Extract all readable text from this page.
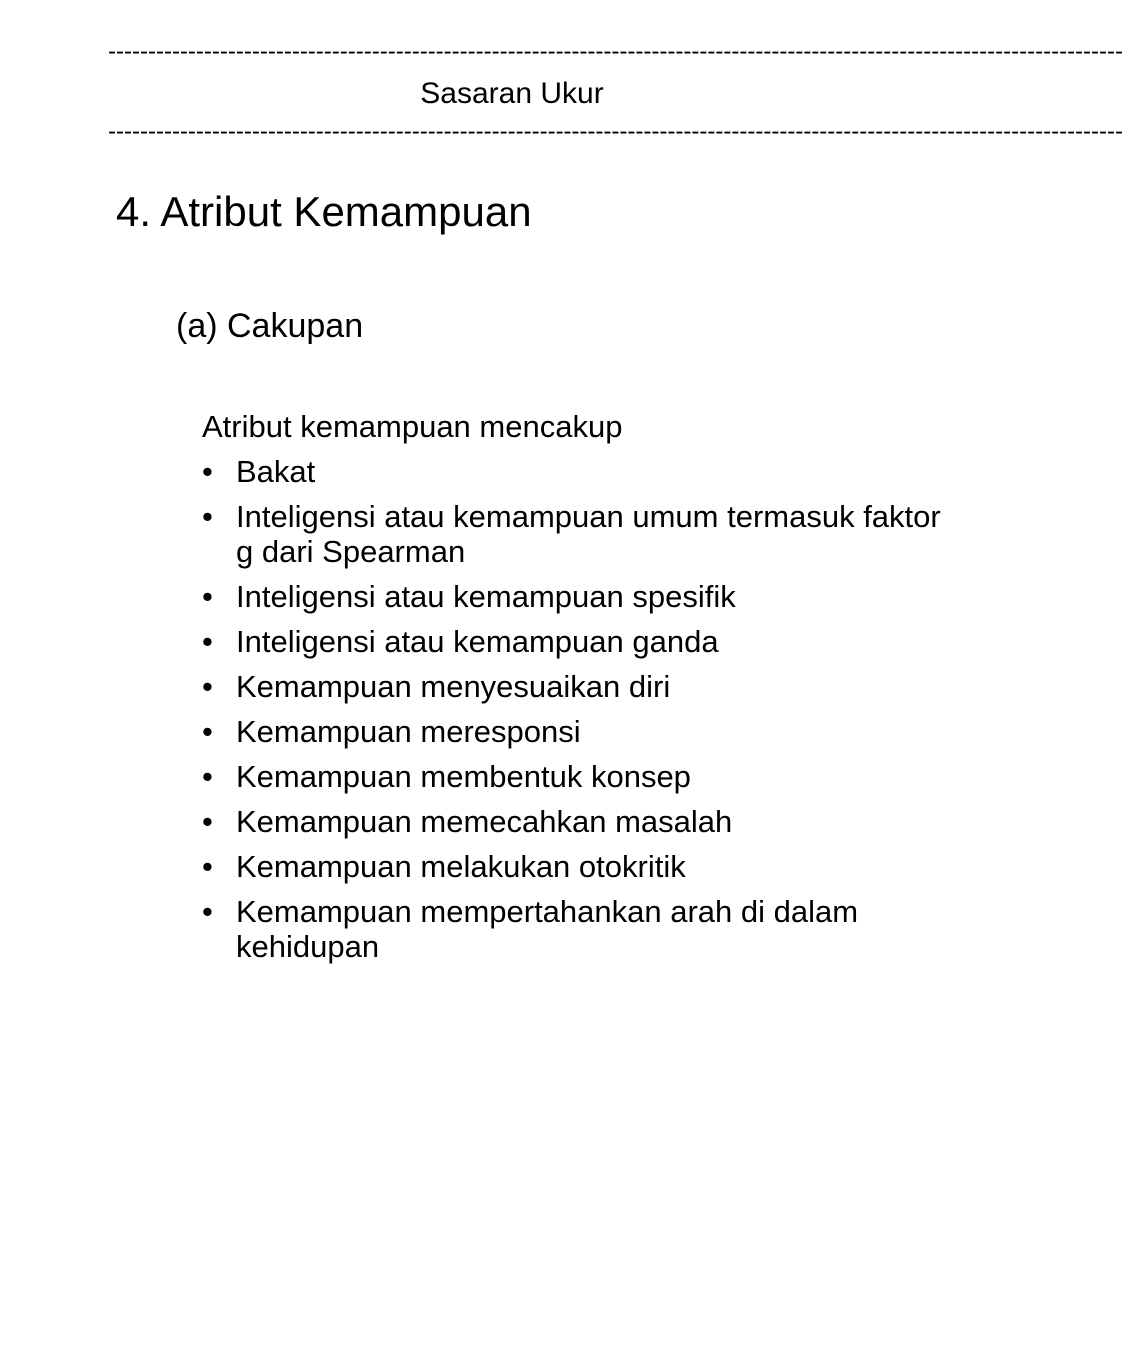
-------------------------------------------------------------------------------------------------------------------------------
Sasaran Ukur
-------------------------------------------------------------------------------------------------------------------------------
4. Atribut Kemampuan
(a) Cakupan
Atribut kemampuan mencakup
• Bakat
• Inteligensi atau kemampuan umum termasuk faktor g dari Spearman
• Inteligensi atau kemampuan spesifik
• Inteligensi atau kemampuan ganda
• Kemampuan menyesuaikan diri
• Kemampuan meresponsi
• Kemampuan membentuk konsep
• Kemampuan memecahkan masalah
• Kemampuan melakukan otokritik
• Kemampuan mempertahankan arah di dalam kehidupan
